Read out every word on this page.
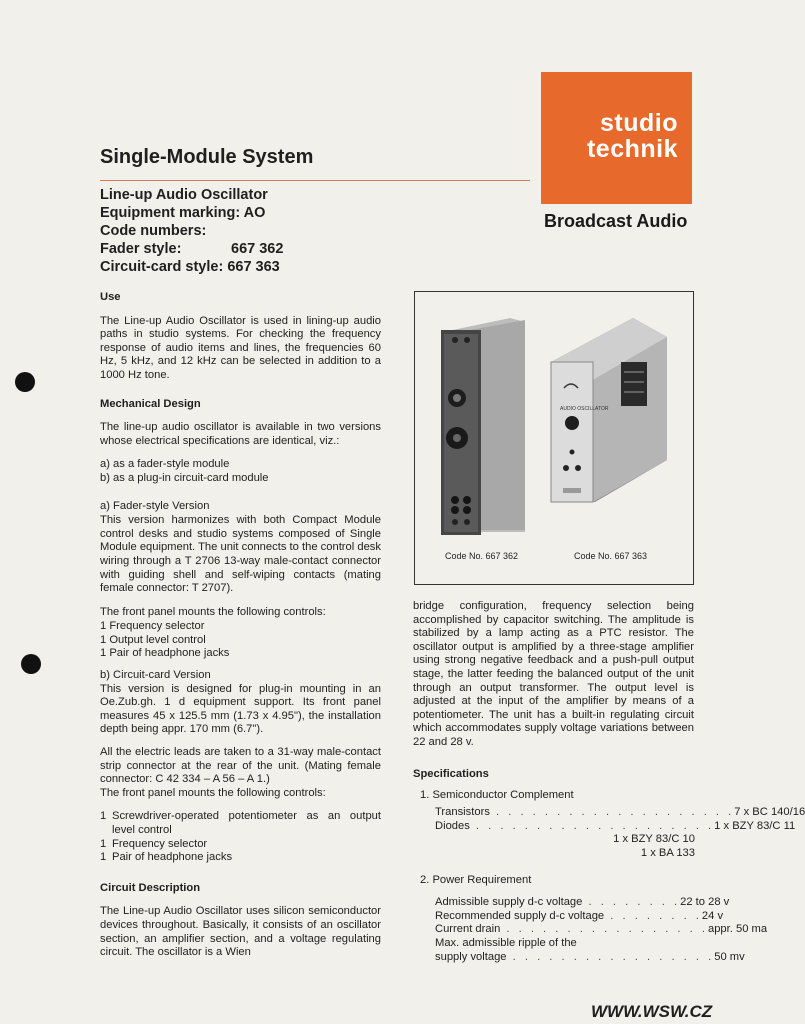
studio
technik
Broadcast Audio
Single-Module System
Line-up Audio Oscillator
Equipment marking: AO
Code numbers:
Fader style:	667 362
Circuit-card style: 667 363

Use

The Line-up Audio Oscillator is used in lining-up audio paths in studio systems. For checking the frequency response of audio items and lines, the frequencies 60 Hz, 5 kHz, and 12 kHz can be selected in addition to a 1000 Hz tone.

Mechanical Design

The line-up audio oscillator is available in two versions whose electrical specifications are identical, viz.:

a) as a fader-style module

b) as a plug-in circuit-card module

a) Fader-style Version

This version harmonizes with both Compact Module control desks and studio systems composed of Single Module equipment. The unit connects to the control desk wiring through a T 2706 13-way male-contact connector with guiding shell and self-wiping contacts (mating female connector: T 2707).

The front panel mounts the following controls:

1 Frequency selector

1 Output level control

1 Pair of headphone jacks

b) Circuit-card Version

This version is designed for plug-in mounting in an Oe.Zub.gh. 1 d equipment support. Its front panel measures 45 x 125.5 mm (1.73 x 4.95"), the installation depth being appr. 170 mm (6.7").

All the electric leads are taken to a 31-way male-contact strip connector at the rear of the unit. (Mating female connector: C 42 334 – A 56 – A 1.)

The front panel mounts the following controls:

1 Screwdriver-operated potentiometer as an output level control
1 Frequency selector
1 Pair of headphone jacks

Circuit Description

The Line-up Audio Oscillator uses silicon semiconductor devices throughout. Basically, it consists of an oscillator section, an amplifier section, and a voltage regulating circuit. The oscillator is a Wien

AUDIO OSCILLATOR
Code No. 667 362	Code No. 667 363

bridge configuration, frequency selection being accomplished by capacitor switching. The amplitude is stabilized by a lamp acting as a PTC resistor. The oscillator output is amplified by a three-stage amplifier using strong negative feedback and a push-pull output stage, the latter feeding the balanced output of the unit through an output transformer. The output level is adjusted at the input of the amplifier by means of a potentiometer. The unit has a built-in regulating circuit which accommodates supply voltage variations between 22 and 28 v.

Specifications

1. Semiconductor Complement
Transistors . . . . . . . . . . . . . . . . . . . . 7 x BC 140/16
Diodes . . . . . . . . . . . . . . . . . . . . 1 x BZY 83/C 11
1 x BZY 83/C 10
1 x BA 133
2. Power Requirement
Admissible supply d-c voltage . . . . . . . . 22 to 28 v
Recommended supply d-c voltage . . . . . . . . 24 v
Current drain . . . . . . . . . . . . . . . . . appr. 50 ma
Max. admissible ripple of the
supply voltage . . . . . . . . . . . . . . . . . 50 mv
WWW.WSW.CZ
